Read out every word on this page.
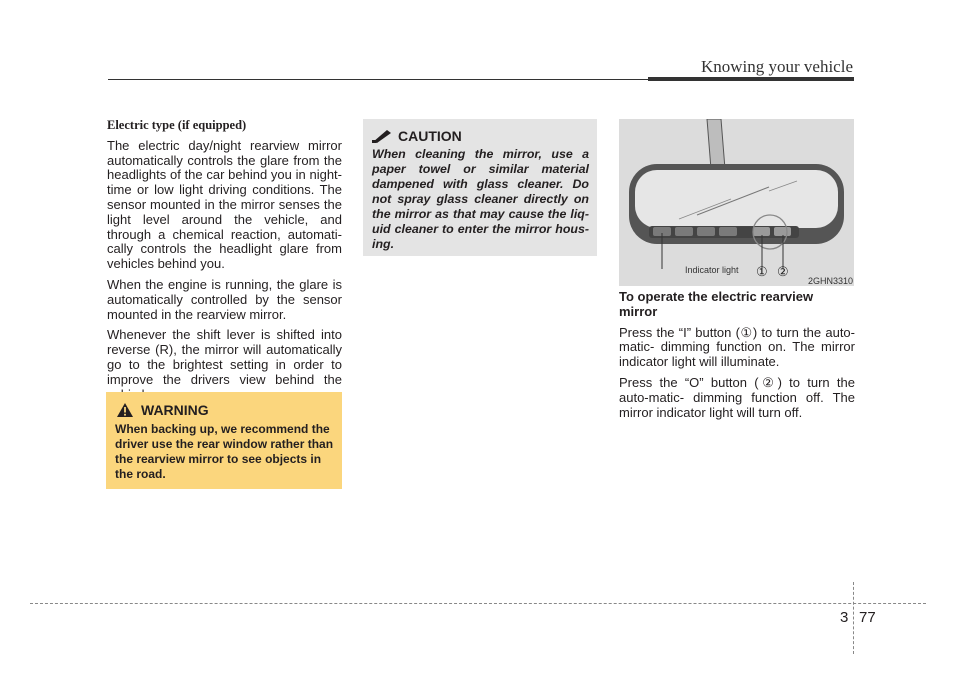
Knowing your vehicle

Electric type (if equipped)

The electric day/night rearview mirror automatically controls the glare from the headlights of the car behind you in night-time or low light driving conditions. The sensor mounted in the mirror senses the light level around the vehicle, and through a chemical reaction, automati-cally controls the headlight glare from vehicles behind you.

When the engine is running, the glare is automatically controlled by the sensor mounted in the rearview mirror.

Whenever the shift lever is shifted into reverse (R), the mirror will automatically go to the brightest setting in order to improve the drivers view behind the

WARNING
When backing up, we recommend the driver use the rear window rather than the rearview mirror to see objects in the road.
CAUTION
When cleaning the mirror, use a paper towel or similar material dampened with glass cleaner. Do not spray glass cleaner directly on the mirror as that may cause the liq-uid cleaner to enter the mirror hous-ing.
Indicator light ① ②
2GHN3310

To operate the electric rearview mirror

Press the “I” button (①) to turn the auto-matic- dimming function on. The mirror indicator light will illuminate.

Press the “O” button (②) to turn the auto-matic- dimming function off. The mirror indicator light will turn off.

3 77
